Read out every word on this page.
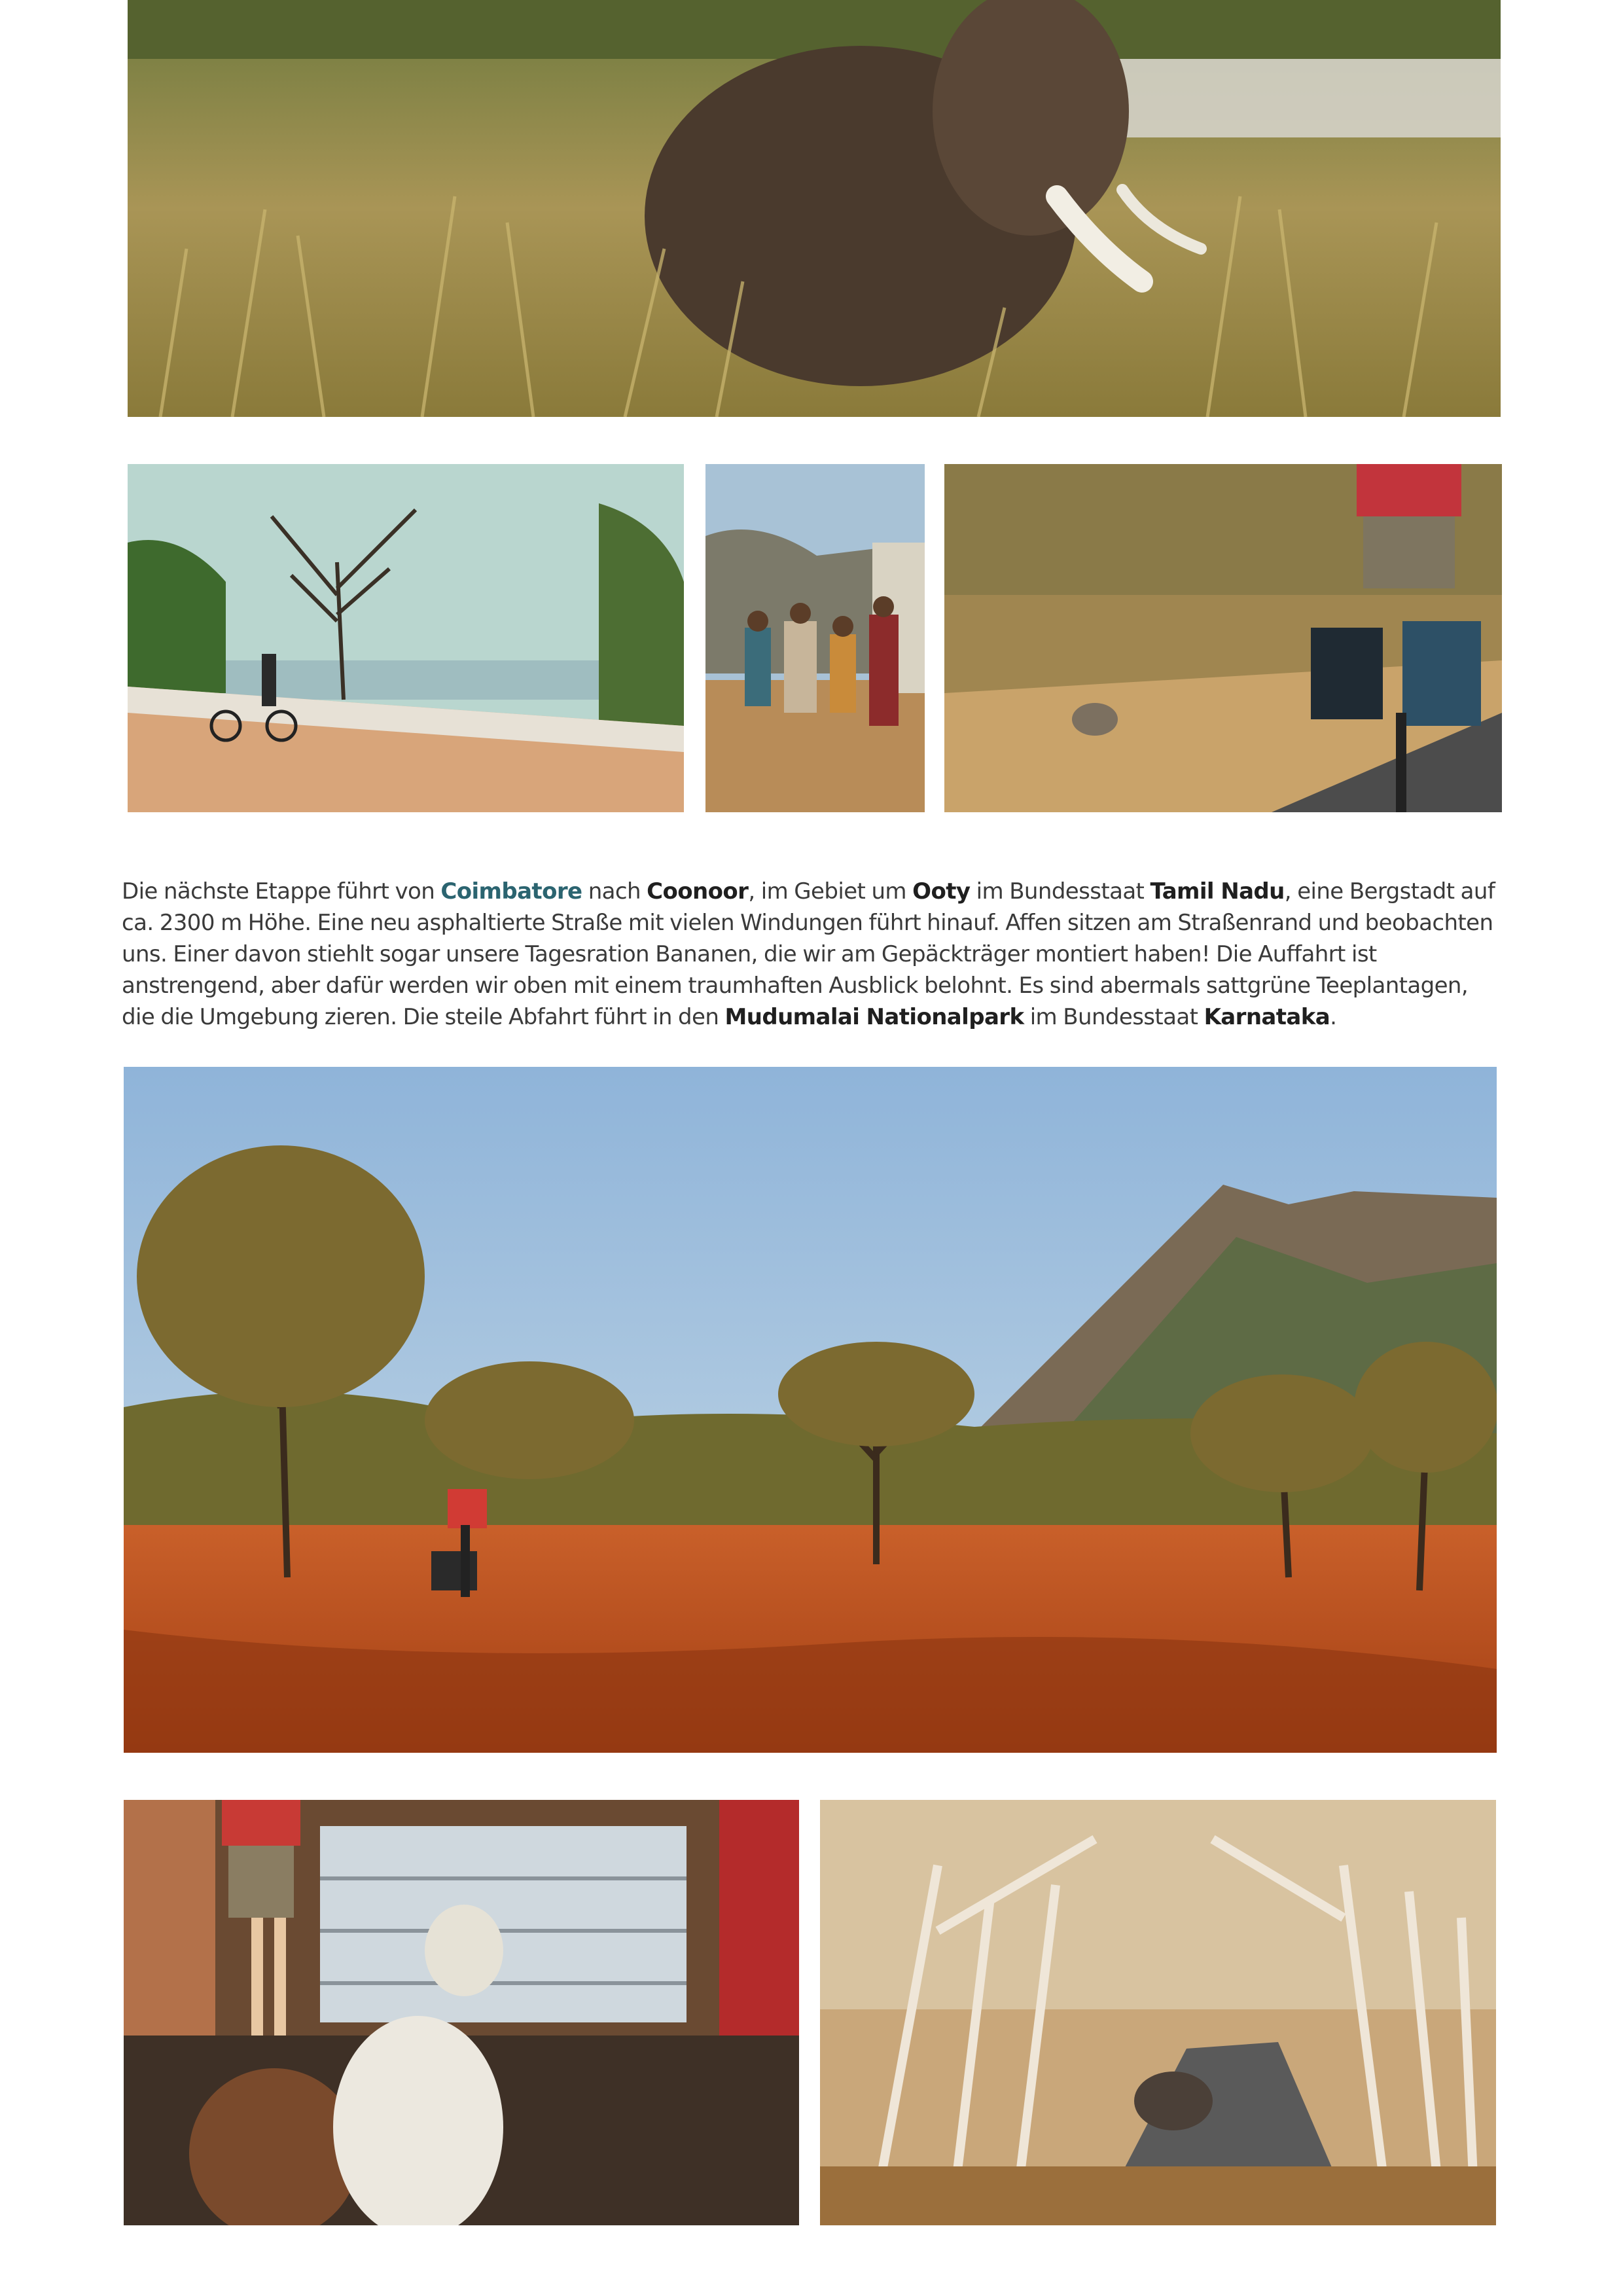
Die nächste Etappe führt von Coimbatore nach Coonoor, im Gebiet um Ooty im Bundesstaat Tamil Nadu, eine Bergstadt auf ca. 2300 m Höhe. Eine neu asphaltierte Straße mit vielen Windungen führt hinauf. Affen sitzen am Straßenrand und beobachten uns. Einer davon stiehlt sogar unsere Tagesration Bananen, die wir am Gepäckträger montiert haben! Die Auffahrt ist anstrengend, aber dafür werden wir oben mit einem traumhaften Ausblick belohnt. Es sind abermals sattgrüne Teeplantagen, die die Umgebung zieren. Die steile Abfahrt führt in den Mudumalai Nationalpark im Bundesstaat Karnataka.
